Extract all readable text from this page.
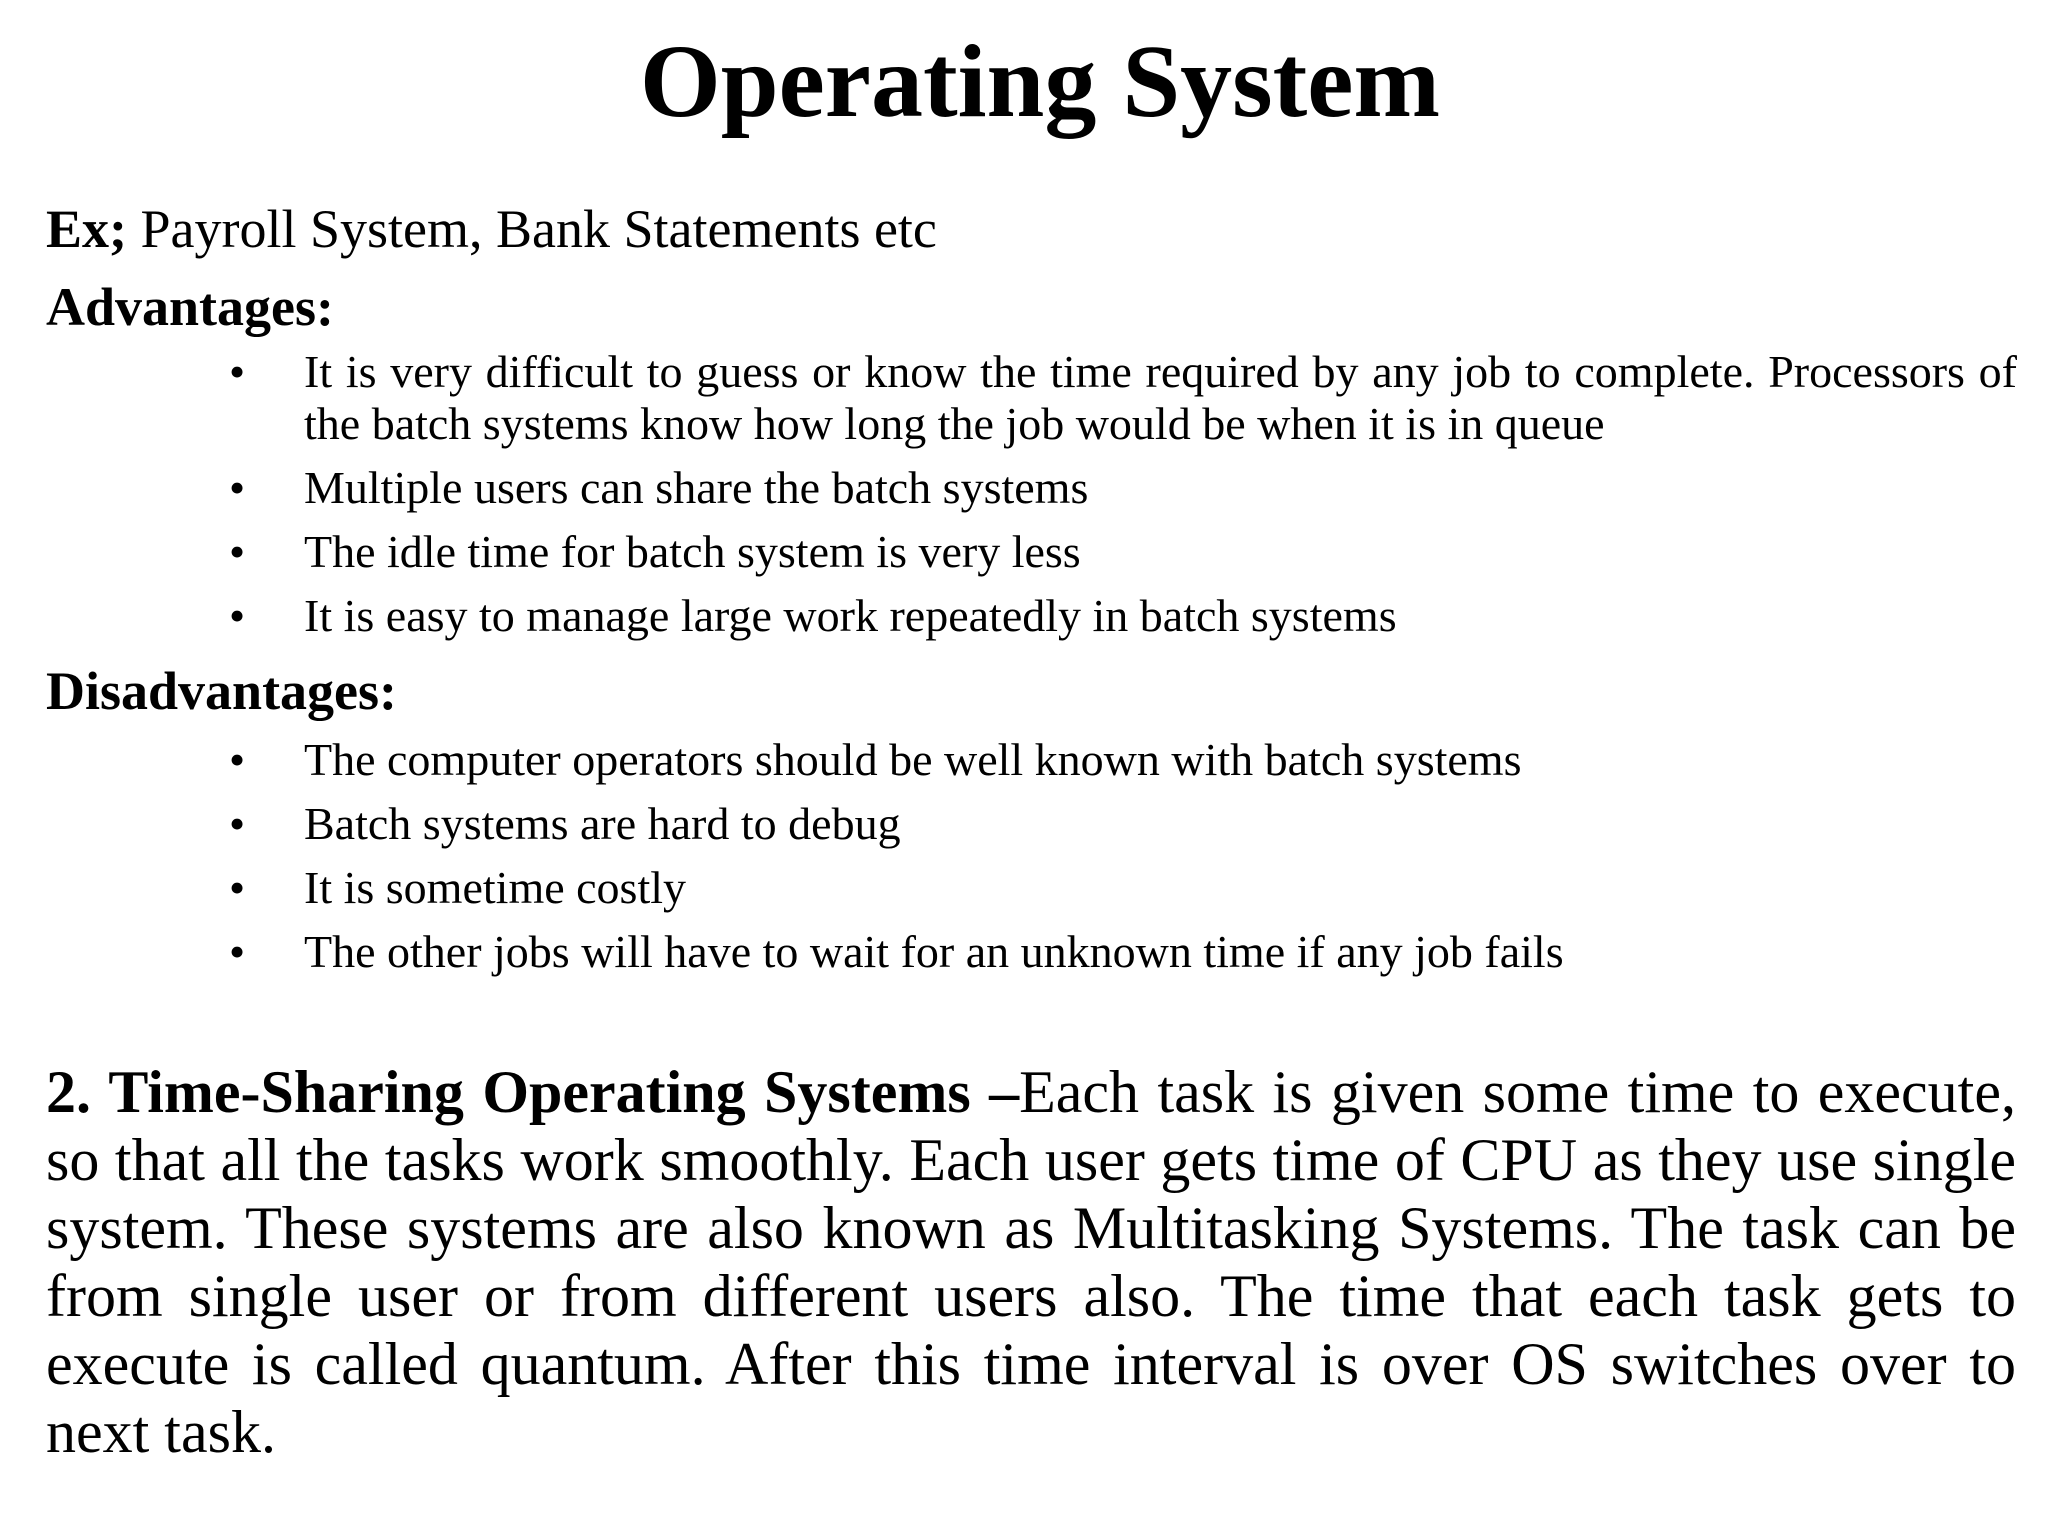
Operating System

Ex; Payroll System, Bank Statements etc

Advantages:
• It is very difficult to guess or know the time required by any job to complete. Processors of the batch systems know how long the job would be when it is in queue
• Multiple users can share the batch systems
• The idle time for batch system is very less
• It is easy to manage large work repeatedly in batch systems
Disadvantages:
• The computer operators should be well known with batch systems
• Batch systems are hard to debug
• It is sometime costly
• The other jobs will have to wait for an unknown time if any job fails

2. Time-Sharing Operating Systems –Each task is given some time to execute, so that all the tasks work smoothly. Each user gets time of CPU as they use single system. These systems are also known as Multitasking Systems. The task can be from single user or from different users also. The time that each task gets to execute is called quantum. After this time interval is over OS switches over to next task.
